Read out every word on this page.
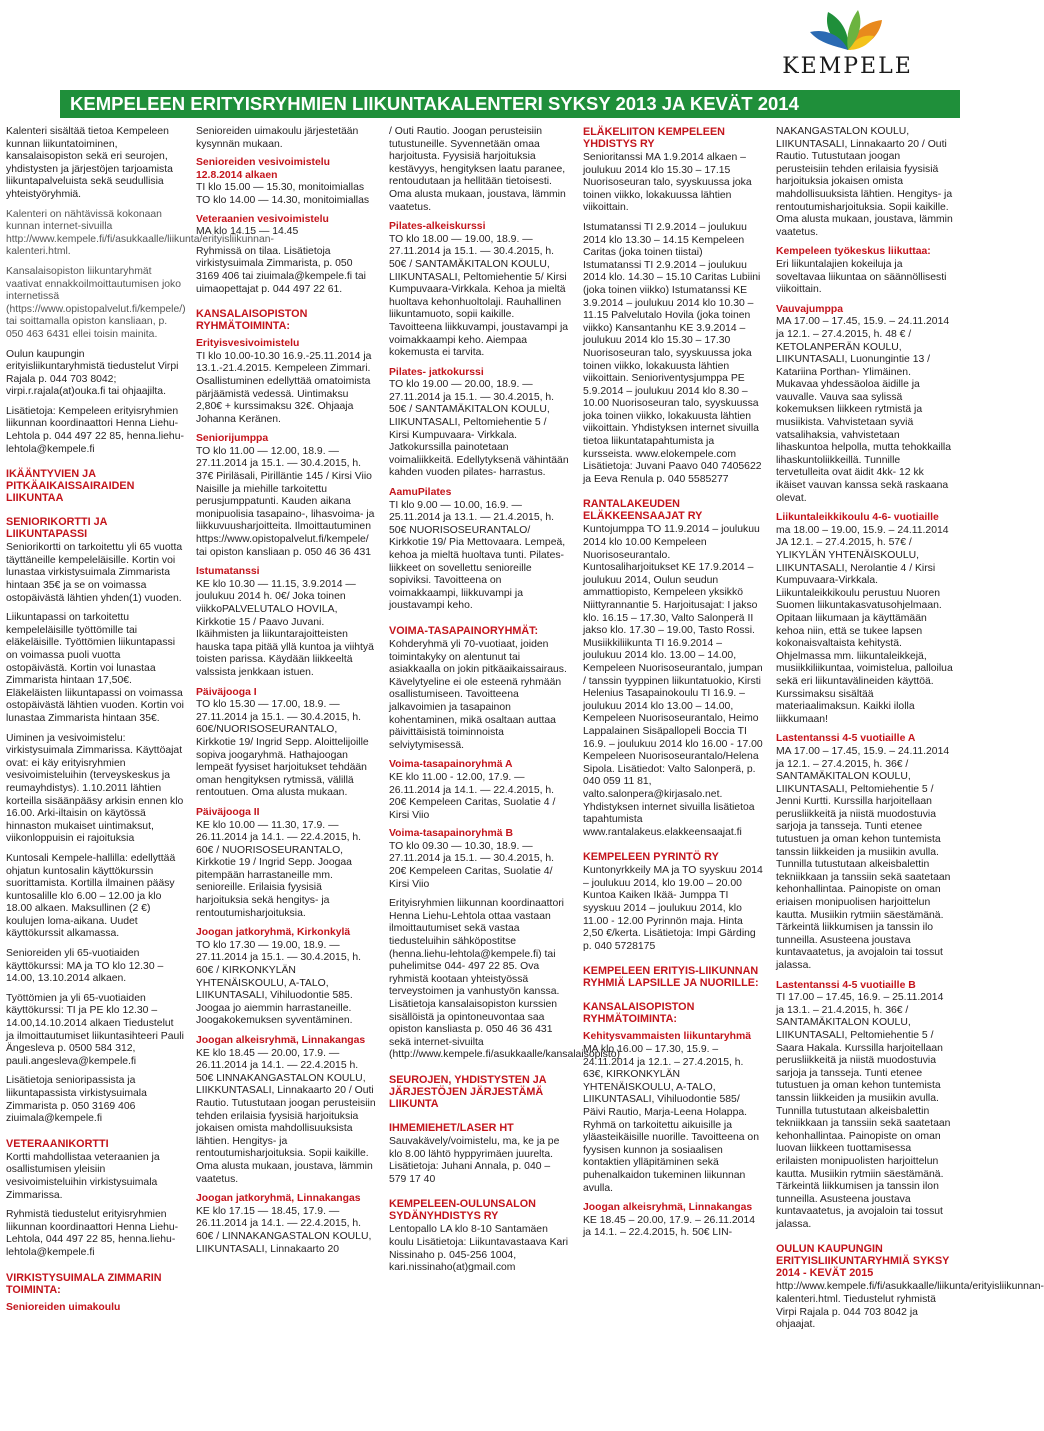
KEMPELE
KEMPELEEN ERITYISRYHMIEN LIIKUNTAKALENTERI SYKSY 2013 JA KEVÄT 2014

Kalenteri sisältää tietoa Kempeleen kunnan liikuntatoiminen, kansalaisopiston sekä eri seurojen, yhdistysten ja järjestöjen tarjoamista liikuntapalveluista sekä seudullisia yhteistyöryhmiä.

Kalenteri on nähtävissä kokonaan kunnan internet-sivuilla http://www.kempele.fi/fi/asukkaalle/liikunta/erityisliikunnan-kalenteri.html.

Kansalaisopiston liikuntaryhmät vaativat ennakkoilmoittautumisen joko internetissä (https://www.opistopalvelut.fi/kempele/) tai soittamalla opiston kansliaan, p. 050 463 6431 ellei toisin mainita.

Oulun kaupungin erityisliikuntaryhmistä tiedustelut Virpi Rajala p. 044 703 8042; virpi.r.rajala(at)ouka.fi tai ohjaajilta.

Lisätietoja: Kempeleen erityisryhmien liikunnan koordinaattori Henna Liehu-Lehtola p. 044 497 22 85, henna.liehu-lehtola@kempele.fi

IKÄÄNTYVIEN JA PITKÄAIKAISSAIRAIDEN LIIKUNTAA
SENIORIKORTTI JA LIIKUNTAPASSI

Seniorikortti on tarkoitettu yli 65 vuotta täyttäneille kempeleläisille. Kortin voi lunastaa virkistysuimala Zimmarista hintaan 35€ ja se on voimassa ostopäivästä lähtien yhden(1) vuoden.

Liikuntapassi on tarkoitettu kempeleläisille työttömille tai eläkeläisille. Työttömien liikuntapassi on voimassa puoli vuotta ostopäivästä. Kortin voi lunastaa Zimmarista hintaan 17,50€. Eläkeläisten liikuntapassi on voimassa ostopäivästä lähtien vuoden. Kortin voi lunastaa Zimmarista hintaan 35€.

Uiminen ja vesivoimistelu: virkistysuimala Zimmarissa. Käyttöajat ovat: ei käy erityisryhmien vesivoimisteluihin (terveyskeskus ja reumayhdistys). 1.10.2011 lähtien korteilla sisäänpääsy arkisin ennen klo 16.00. Arki-iltaisin on käytössä hinnaston mukaiset uintimaksut, viikonloppuisin ei rajoituksia

Kuntosali Kempele-hallilla: edellyttää ohjatun kuntosalin käyttökurssin suorittamista. Kortilla ilmainen pääsy kuntosalille klo 6.00 – 12.00 ja klo 18.00 alkaen. Maksullinen (2 €) koulujen loma-aikana. Uudet käyttökurssit alkamassa.

Senioreiden yli 65-vuotiaiden käyttökurssi: MA ja TO klo 12.30 – 14.00, 13.10.2014 alkaen.

Työttömien ja yli 65-vuotiaiden käyttökurssi: TI ja PE klo 12.30 – 14.00,14.10.2014 alkaen Tiedustelut ja ilmoittautumiset liikuntasihteeri Pauli Ängesleva p. 0500 584 312, pauli.angesleva@kempele.fi

Lisätietoja senioripassista ja liikuntapassista virkistysuimala Zimmarista p. 050 3169 406 ziuimala@kempele.fi

VETERAANIKORTTI

Kortti mahdollistaa veteraanien ja osallistumisen yleisiin vesivoimisteluihin virkistysuimala Zimmarissa.

Ryhmistä tiedustelut erityisryhmien liikunnan koordinaattori Henna Liehu-Lehtola, 044 497 22 85, henna.liehu-lehtola@kempele.fi

VIRKISTYSUIMALA ZIMMARIN TOIMINTA:
Senioreiden uimakoulu

Senioreiden uimakoulu järjestetään kysynnän mukaan.

Senioreiden vesivoimistelu 12.8.2014 alkaen

TI klo 15.00 — 15.30, monitoimiallas TO klo 14.00 — 14.30, monitoimiallas

Veteraanien vesivoimistelu

MA klo 14.15 — 14.45

Ryhmissä on tilaa. Lisätietoja virkistysuimala Zimmarista, p. 050 3169 406 tai ziuimala@kempele.fi tai uimaopettajat p. 044 497 22 61.

KANSALAISOPISTON RYHMÄTOIMINTA:
Erityisvesivoimistelu

TI klo 10.00-10.30 16.9.-25.11.2014 ja 13.1.-21.4.2015. Kempeleen Zimmari. Osallistuminen edellyttää omatoimista pärjäämistä vedessä. Uintimaksu 2,80€ + kurssimaksu 32€. Ohjaaja Johanna Keränen.

Seniorijumppa

TO klo 11.00 — 12.00, 18.9. — 27.11.2014 ja 15.1. — 30.4.2015, h. 37€ Piriläsali, Pirilläntie 145 / Kirsi Viio Naisille ja miehille tarkoitettu perusjumppatunti. Kauden aikana monipuolisia tasapaino-, lihasvoima- ja liikkuvuusharjoitteita. Ilmoittautuminen https://www.opistopalvelut.fi/kempele/ tai opiston kansliaan p. 050 46 36 431

Istumatanssi

KE klo 10.30 — 11.15, 3.9.2014 — joulukuu 2014 h. 0€/ Joka toinen viikkoPALVELUTALO HOVILA, Kirkkotie 15 / Paavo Juvani. Ikäihmisten ja liikuntarajoitteisten hauska tapa pitää yllä kuntoa ja viihtyä toisten parissa. Käydään liikkeeltä valssista jenkkaan istuen.

Päiväjooga I

TO klo 15.30 — 17.00, 18.9. — 27.11.2014 ja 15.1. — 30.4.2015, h. 60€/NUORISOSEURANTALO, Kirkkotie 19/ Ingrid Sepp. Aloittelijoille sopiva joogaryhmä. Hathajoogan lempeät fyysiset harjoitukset tehdään oman hengityksen rytmissä, välillä rentoutuen. Oma alusta mukaan.

Päiväjooga II

KE klo 10.00 — 11.30, 17.9. — 26.11.2014 ja 14.1. — 22.4.2015, h. 60€ / NUORISOSEURANTALO, Kirkkotie 19 / Ingrid Sepp. Joogaa pitempään harrastaneille mm. senioreille. Erilaisia fyysisiä harjoituksia sekä hengitys- ja rentoutumisharjoituksia.

Joogan jatkoryhmä, Kirkonkylä

TO klo 17.30 — 19.00, 18.9. — 27.11.2014 ja 15.1. — 30.4.2015, h. 60€ / KIRKONKYLÄN YHTENÄISKOULU, A-TALO, LIIKUNTASALI, Vihiluodontie 585. Joogaa jo aiemmin harrastaneille. Joogakokemuksen syventäminen.

Joogan alkeisryhmä, Linnakangas

KE klo 18.45 — 20.00, 17.9. — 26.11.2014 ja 14.1. — 22.4.2015 h. 50€ LINNAKANGASTALON KOULU, LIIKKUNTASALI, Linnakaarto 20 / Outi Rautio. Tutustutaan joogan perusteisiin tehden erilaisia fyysisiä harjoituksia jokaisen omista mahdollisuuksista lähtien. Hengitys- ja rentoutumisharjoituksia. Sopii kaikille. Oma alusta mukaan, joustava, lämmin vaatetus.

Joogan jatkoryhmä, Linnakangas

KE klo 17.15 — 18.45, 17.9. — 26.11.2014 ja 14.1. — 22.4.2015, h. 60€ / LINNAKANGASTALON KOULU, LIIKUNTASALI, Linnakaarto 20

/ Outi Rautio. Joogan perusteisiin tutustuneille. Syvennetään omaa harjoitusta. Fyysisiä harjoituksia kestävyys, hengityksen laatu paranee, rentoudutaan ja hellitään tietoisesti. Oma alusta mukaan, joustava, lämmin vaatetus.

Pilates-alkeiskurssi

TO klo 18.00 — 19.00, 18.9. — 27.11.2014 ja 15.1. — 30.4.2015, h. 50€ / SANTAMÄKITALON KOULU, LIIKUNTASALI, Peltomiehentie 5/ Kirsi Kumpuvaara-Virkkala. Kehoa ja mieltä huoltava kehonhuoltolaji. Rauhallinen liikuntamuoto, sopii kaikille. Tavoitteena liikkuvampi, joustavampi ja voimakkaampi keho. Aiempaa kokemusta ei tarvita.

Pilates- jatkokurssi

TO klo 19.00 — 20.00, 18.9. — 27.11.2014 ja 15.1. — 30.4.2015, h. 50€ / SANTAMÄKITALON KOULU, LIIKUNTASALI, Peltomiehentie 5 / Kirsi Kumpuvaara- Virkkala. Jatkokurssilla painotetaan voimaliikkeitä. Edellytyksenä vähintään kahden vuoden pilates- harrastus.

AamuPilates

TI klo 9.00 — 10.00, 16.9. — 25.11.2014 ja 13.1. — 21.4.2015, h. 50€ NUORISOSEURANTALO/ Kirkkotie 19/ Pia Mettovaara. Lempeä, kehoa ja mieltä huoltava tunti. Pilates-liikkeet on sovellettu senioreille sopiviksi. Tavoitteena on voimakkaampi, liikkuvampi ja joustavampi keho.

VOIMA-TASAPAINORYHMÄT:

Kohderyhmä yli 70-vuotiaat, joiden toimintakyky on alentunut tai asiakkaalla on jokin pitkäaikaissairaus. Kävelytyeline ei ole esteenä ryhmään osallistumiseen. Tavoitteena jalkavoimien ja tasapainon kohentaminen, mikä osaltaan auttaa päivittäisistä toiminnoista selviytymisessä.

Voima-tasapainoryhmä A

KE klo 11.00 - 12.00, 17.9. — 26.11.2014 ja 14.1. — 22.4.2015, h. 20€ Kempeleen Caritas, Suolatie 4 / Kirsi Viio

Voima-tasapainoryhmä B

TO klo 09.30 — 10.30, 18.9. — 27.11.2014 ja 15.1. — 30.4.2015, h. 20€ Kempeleen Caritas, Suolatie 4/ Kirsi Viio

Erityisryhmien liikunnan koordinaattori Henna Liehu-Lehtola ottaa vastaan ilmoittautumiset sekä vastaa tiedusteluihin sähköpostitse (henna.liehu-lehtola@kempele.fi) tai puhelimitse 044- 497 22 85. Ova ryhmistä kootaan yhteistyössä terveystoimen ja vanhustyön kanssa. Lisätietoja kansalaisopiston kurssien sisällöistä ja opintoneuvontaa saa opiston kansliasta p. 050 46 36 431 sekä internet-sivuilta (http://www.kempele.fi/asukkaalle/kansalaisopisto)

SEUROJEN, YHDISTYSTEN JA JÄRJESTÖJEN JÄRJESTÄMÄ LIIKUNTA
IHMEMIEHET/LASER HT

Sauvakävely/voimistelu, ma, ke ja pe klo 8.00 lähtö hyppyrimäen juurelta. Lisätietoja: Juhani Annala, p. 040 – 579 17 40

KEMPELEEN-OULUNSALON SYDÄNYHDISTYS RY

Lentopallo LA klo 8-10 Santamäen koulu Lisätietoja: Liikuntavastaava Kari Nissinaho p. 045-256 1004, kari.nissinaho(at)gmail.com

ELÄKELIITON KEMPELEEN YHDISTYS RY

Senioritanssi MA 1.9.2014 alkaen – joulukuu 2014 klo 15.30 – 17.15 Nuorisoseuran talo, syyskuussa joka toinen viikko, lokakuussa lähtien viikoittain.

Istumatanssi TI 2.9.2014 – joulukuu 2014 klo 13.30 – 14.15 Kempeleen Caritas (joka toinen tiistai) Istumatanssi TI 2.9.2014 – joulukuu 2014 klo. 14.30 – 15.10 Caritas Lubiini (joka toinen viikko) Istumatanssi KE 3.9.2014 – joulukuu 2014 klo 10.30 – 11.15 Palvelutalo Hovila (joka toinen viikko) Kansantanhu KE 3.9.2014 – joulukuu 2014 klo 15.30 – 17.30 Nuorisoseuran talo, syyskuussa joka toinen viikko, lokakuusta lähtien viikoittain. Senioriventysjumppa PE 5.9.2014 – joulukuu 2014 klo 8.30 – 10.00 Nuorisoseuran talo, syyskuussa joka toinen viikko, lokakuusta lähtien viikoittain. Yhdistyksen internet sivuilla tietoa liikuntatapahtumista ja kursseista. www.elokempele.com Lisätietoja: Juvani Paavo 040 7405622 ja Eeva Renula p. 040 5585277

RANTALAKEUDEN ELÄKKEENSAAJAT RY

Kuntojumppa TO 11.9.2014 – joulukuu 2014 klo 10.00 Kempeleen Nuorisoseurantalo. Kuntosaliharjoitukset KE 17.9.2014 – joulukuu 2014, Oulun seudun ammattiopisto, Kempeleen yksikkö Niittyrannantie 5. Harjoitusajat: I jakso klo. 16.15 – 17.30, Valto Salonperä II jakso klo. 17.30 – 19.00, Tasto Rossi. Musiikkiliikunta TI 16.9.2014 – joulukuu 2014 klo. 13.00 – 14.00, Kempeleen Nuorisoseurantalo, jumpan / tanssin tyyppinen liikuntatuokio, Kirsti Helenius Tasapainokoulu TI 16.9. – joulukuu 2014 klo 13.00 – 14.00, Kempeleen Nuorisoseurantalo, Heimo Lappalainen Sisäpallopeli Boccia TI 16.9. – joulukuu 2014 klo 16.00 - 17.00 Kempeleen Nuorisoseurantalo/Helena Sipola. Lisätiedot: Valto Salonperä, p. 040 059 11 81, valto.salonpera@kirjasalo.net. Yhdistyksen internet sivuilla lisätietoa tapahtumista www.rantalakeus.elakkeensaajat.fi

KEMPELEEN PYRINTÖ RY

Kuntonyrkkeily MA ja TO syyskuu 2014 – joulukuu 2014, klo 19.00 – 20.00 Kuntoa Kaiken Ikää- Jumppa TI syyskuu 2014 – joulukuu 2014, klo 11.00 - 12.00 Pyrinnön maja. Hinta 2,50 €/kerta. Lisätietoja: Impi Gärding p. 040 5728175

KEMPELEEN ERITYIS-LIIKUNNAN RYHMIÄ LAPSILLE JA NUORILLE:
KANSALAISOPISTON RYHMÄTOIMINTA:
Kehitysvammaisten liikuntaryhmä

MA klo 16.00 – 17.30, 15.9. – 24.11.2014 ja 12.1. – 27.4.2015, h. 63€, KIRKONKYLÄN YHTENÄISKOULU, A-TALO, LIIKUNTASALI, Vihiluodontie 585/ Päivi Rautio, Marja-Leena Holappa. Ryhmä on tarkoitettu aikuisille ja yläasteikäisille nuorille. Tavoitteena on fyysisen kunnon ja sosiaalisen kontaktien ylläpitäminen sekä puhenalkaidon tukeminen liikunnan avulla.

Joogan alkeisryhmä, Linnakangas

KE 18.45 – 20.00, 17.9. – 26.11.2014 ja 14.1. – 22.4.2015, h. 50€ LIN-

NAKANGASTALON KOULU, LIIKUNTASALI, Linnakaarto 20 / Outi Rautio. Tutustutaan joogan perusteisiin tehden erilaisia fyysisiä harjoituksia jokaisen omista mahdollisuuksista lähtien. Hengitys- ja rentoutumisharjoituksia. Sopii kaikille. Oma alusta mukaan, joustava, lämmin vaatetus.

Kempeleen työkeskus liikuttaa:

Eri liikuntalajien kokeiluja ja soveltavaa liikuntaa on säännöllisesti viikoittain.

Vauvajumppa

MA 17.00 – 17.45, 15.9. – 24.11.2014 ja 12.1. – 27.4.2015, h. 48 € / KETOLANPERÄN KOULU, LIIKUNTASALI, Luonungintie 13 / Katariina Porthan- Ylimäinen. Mukavaa yhdessäoloa äidille ja vauvalle. Vauva saa sylissä kokemuksen liikkeen rytmistä ja musiikista. Vahvistetaan syviä vatsalihaksia, vahvistetaan lihaskuntoa helpolla, mutta tehokkailla lihaskuntoliikkeillä. Tunnille tervetulleita ovat äidit 4kk- 12 kk ikäiset vauvan kanssa sekä raskaana olevat.

Liikuntaleikkikoulu 4-6- vuotiaille

ma 18.00 – 19.00, 15.9. – 24.11.2014 JA 12.1. – 27.4.2015, h. 57€ / YLIKYLÄN YHTENÄISKOULU, LIIKUNTASALI, Nerolantie 4 / Kirsi Kumpuvaara-Virkkala. Liikuntaleikkikoulu perustuu Nuoren Suomen liikuntakasvatusohjelmaan. Opitaan liikumaan ja käyttämään kehoa niin, että se tukee lapsen kokonaisvaltaista kehitystä. Ohjelmassa mm. liikuntaleikkejä, musiikkiliikuntaa, voimistelua, palloilua sekä eri liikuntavälineiden käyttöä. Kurssimaksu sisältää materiaalimaksun. Kaikki ilolla liikkumaan!

Lastentanssi 4-5 vuotiaille A

MA 17.00 – 17.45, 15.9. – 24.11.2014 ja 12.1. – 27.4.2015, h. 36€ / SANTAMÄKITALON KOULU, LIIKUNTASALI, Peltomiehentie 5 / Jenni Kurtti. Kurssilla harjoitellaan perusliikkeitä ja niistä muodostuvia sarjoja ja tansseja. Tunti etenee tutustuen ja oman kehon tuntemista tanssin liikkeiden ja musiikin avulla. Tunnilla tutustutaan alkeisbalettin tekniikkaan ja tanssiin sekä saatetaan kehonhallintaa. Painopiste on oman eriaisen monipuolisen harjoittelun kautta. Musiikin rytmiin säestämänä. Tärkeintä liikkumisen ja tanssin ilo tunneilla. Asusteena joustava kuntavaatetus, ja avojaloin tai tossut jalassa.

Lastentanssi 4-5 vuotiaille B

TI 17.00 – 17.45, 16.9. – 25.11.2014 ja 13.1. – 21.4.2015, h. 36€ / SANTAMÄKITALON KOULU, LIIKUNTASALI, Peltomiehentie 5 / Saara Hakala. Kurssilla harjoitellaan perusliikkeitä ja niistä muodostuvia sarjoja ja tansseja. Tunti etenee tutustuen ja oman kehon tuntemista tanssin liikkeiden ja musiikin avulla. Tunnilla tutustutaan alkeisbalettin tekniikkaan ja tanssiin sekä saatetaan kehonhallintaa. Painopiste on oman luovan liikkeen tuottamisessa erilaisten monipuolisten harjoittelun kautta. Musiikin rytmiin säestämänä. Tärkeintä liikkumisen ja tanssin ilon tunneilla. Asusteena joustava kuntavaatetus, ja avojaloin tai tossut jalassa.

OULUN KAUPUNGIN ERITYISLIIKUNTARYHMIÄ SYKSY 2014 - KEVÄT 2015

http://www.kempele.fi/fi/asukkaalle/liikunta/erityisliikunnan-kalenteri.html. Tiedustelut ryhmistä Virpi Rajala p. 044 703 8042 ja ohjaajat.
